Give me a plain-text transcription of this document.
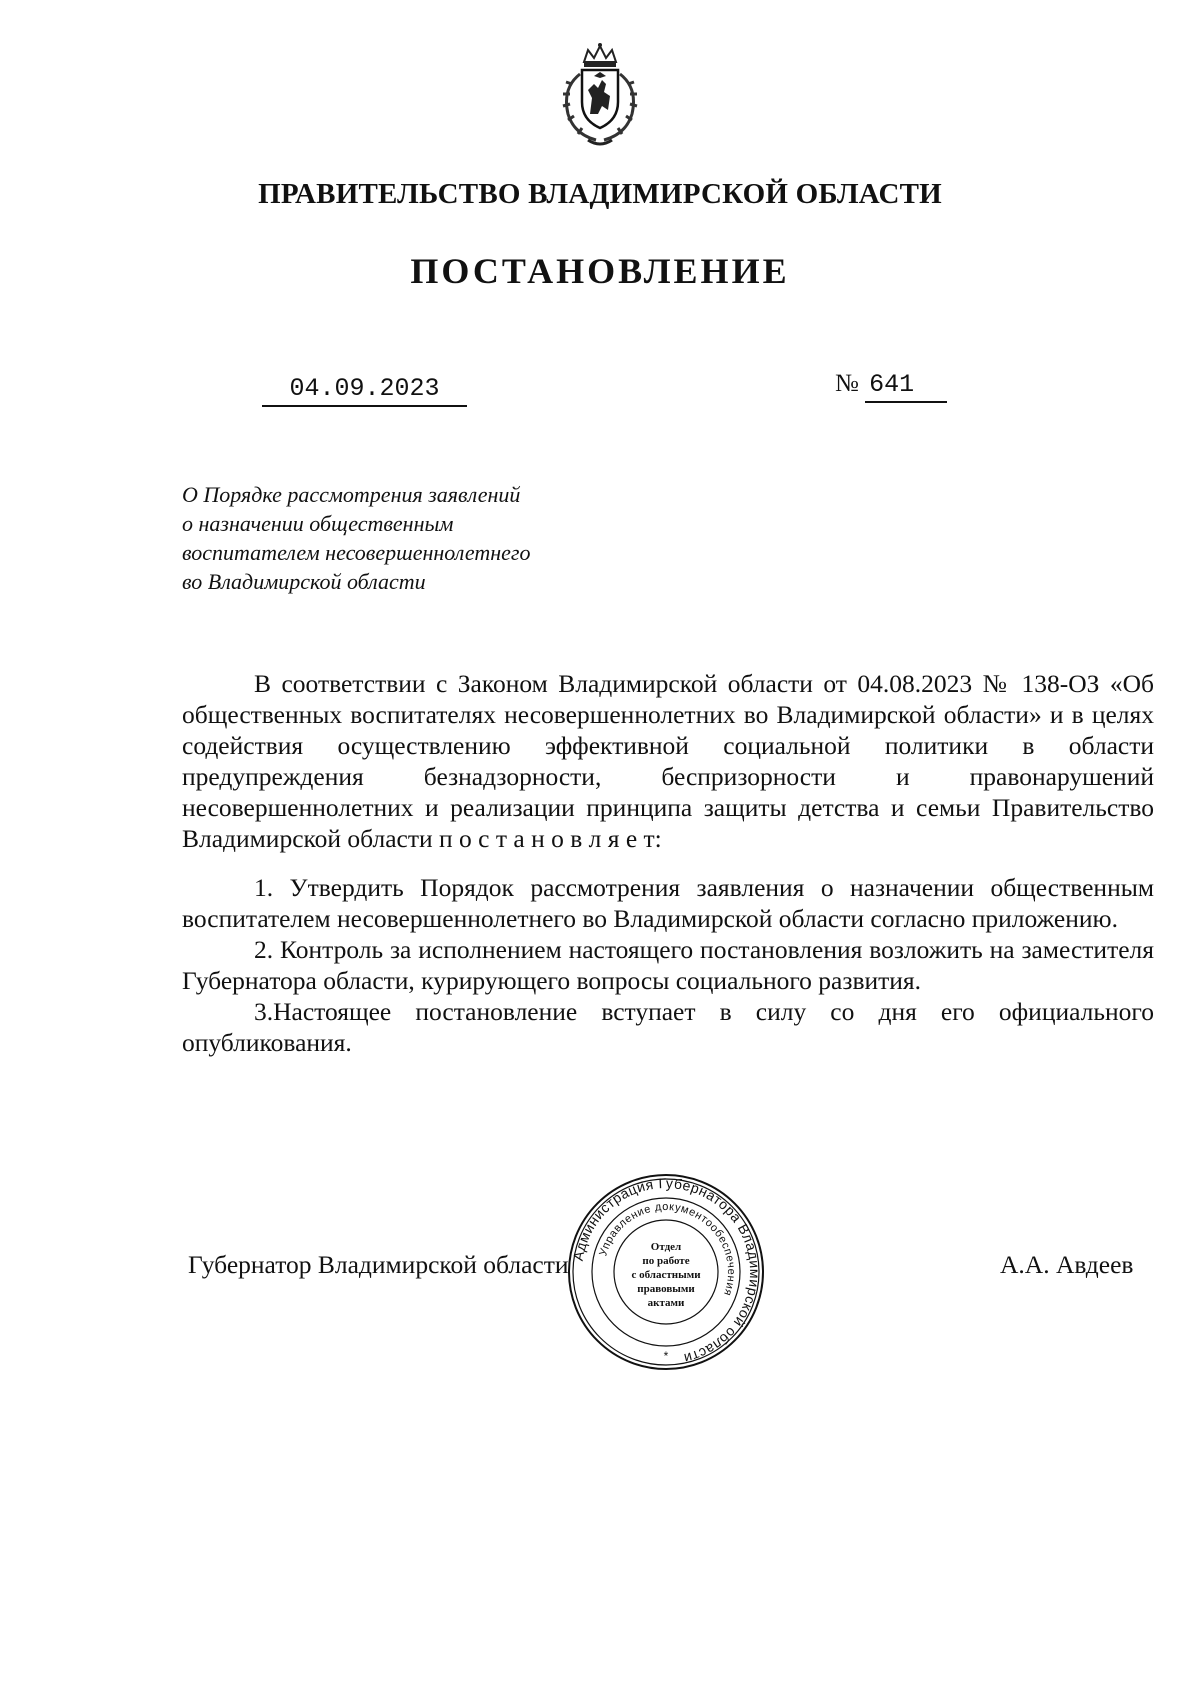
ПРАВИТЕЛЬСТВО ВЛАДИМИРСКОЙ ОБЛАСТИ
ПОСТАНОВЛЕНИЕ
04.09.2023	№ 641
О Порядке рассмотрения заявлений
о назначении общественным
воспитателем несовершеннолетнего
во Владимирской области

В соответствии с Законом Владимирской области от 04.08.2023 № 138-ОЗ «Об общественных воспитателях несовершеннолетних во Владимирской области» и в целях содействия осуществлению эффективной социальной политики в области предупреждения безнадзорности, беспризорности и правонарушений несовершеннолетних и реализации принципа защиты детства и семьи Правительство Владимирской области п о с т а н о в л я е т:

1. Утвердить Порядок рассмотрения заявления о назначении общественным воспитателем несовершеннолетнего во Владимирской области согласно приложению.

2. Контроль за исполнением настоящего постановления возложить на заместителя Губернатора области, курирующего вопросы социального развития.

3.Настоящее постановление вступает в силу со дня его официального опубликования.

Губернатор Владимирской области	А.А. Авдеев
Администрация Губернатора Владимирской области
Управление документообеспечения
Отдел
по работе
с областными
правовыми
актами
*
